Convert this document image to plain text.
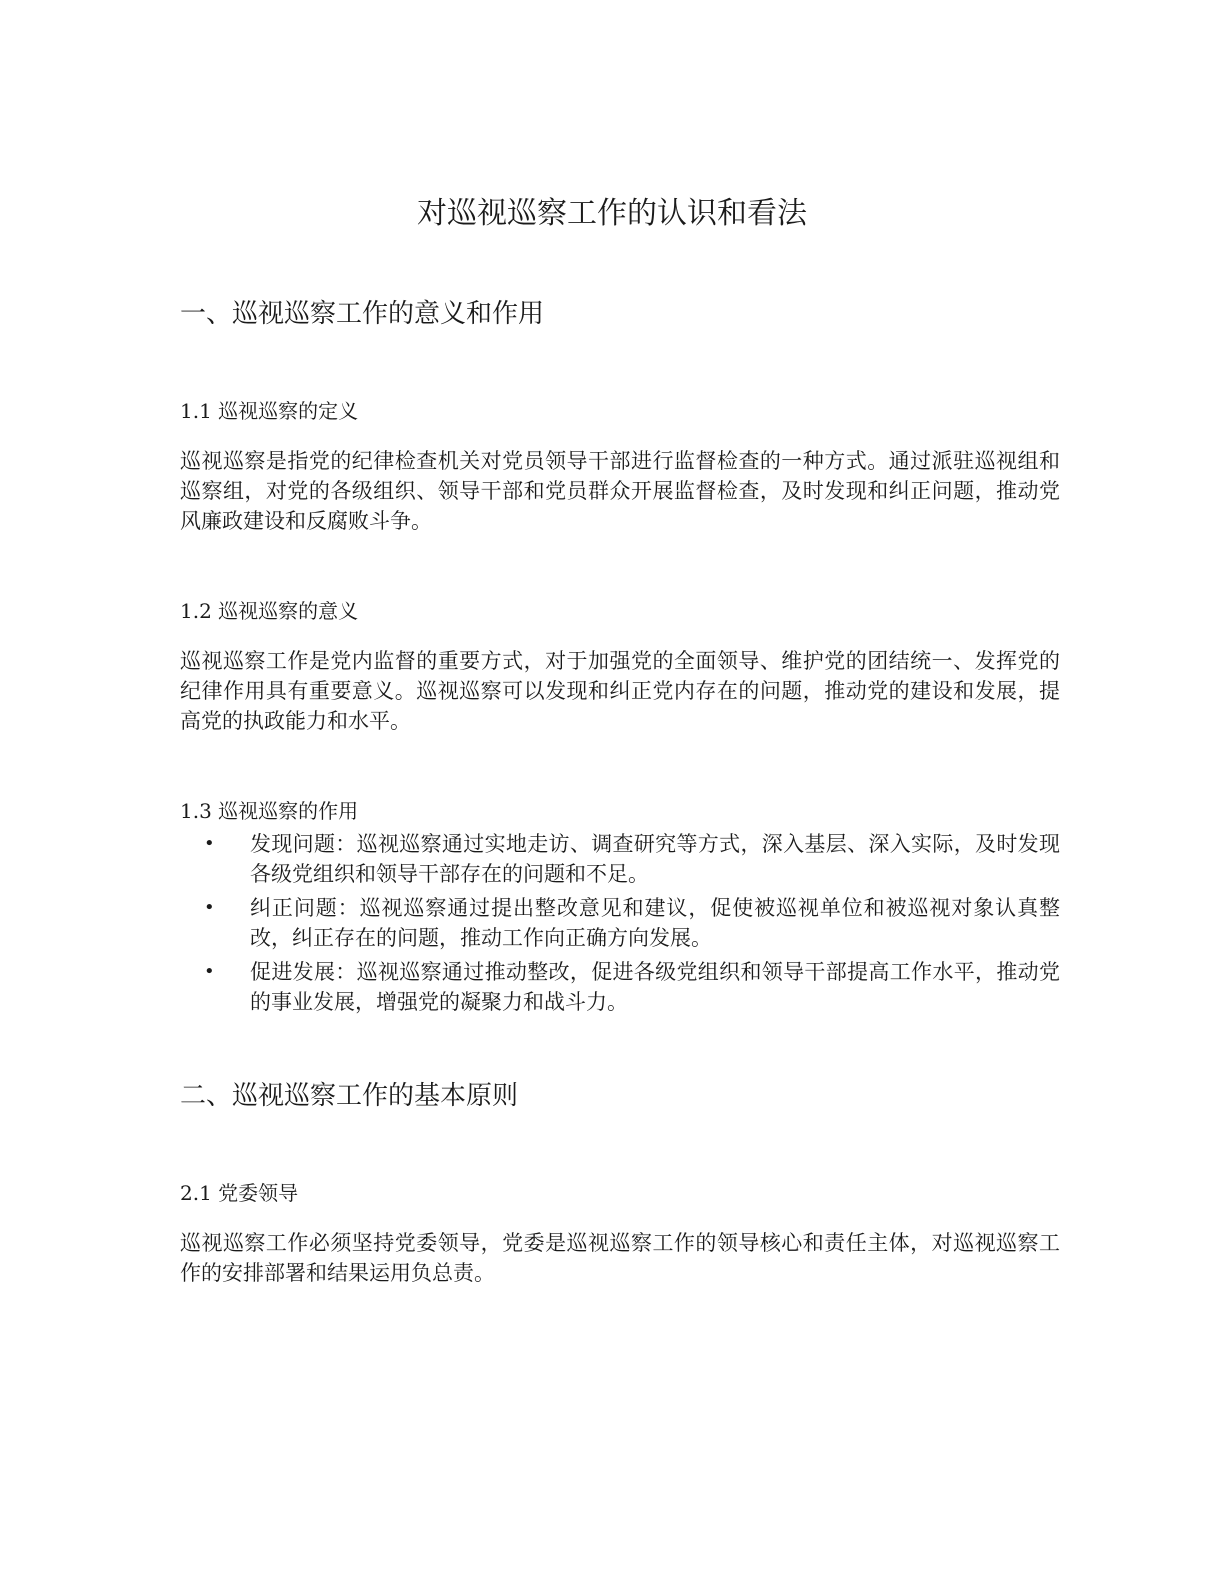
对巡视巡察工作的认识和看法
一、巡视巡察工作的意义和作用
1.1 巡视巡察的定义

巡视巡察是指党的纪律检查机关对党员领导干部进行监督检查的一种方式。通过派驻巡视组和巡察组，对党的各级组织、领导干部和党员群众开展监督检查，及时发现和纠正问题，推动党风廉政建设和反腐败斗争。

1.2 巡视巡察的意义

巡视巡察工作是党内监督的重要方式，对于加强党的全面领导、维护党的团结统一、发挥党的纪律作用具有重要意义。巡视巡察可以发现和纠正党内存在的问题，推动党的建设和发展，提高党的执政能力和水平。

1.3 巡视巡察的作用
• 发现问题：巡视巡察通过实地走访、调查研究等方式，深入基层、深入实际，及时发现各级党组织和领导干部存在的问题和不足。
• 纠正问题：巡视巡察通过提出整改意见和建议，促使被巡视单位和被巡视对象认真整改，纠正存在的问题，推动工作向正确方向发展。
• 促进发展：巡视巡察通过推动整改，促进各级党组织和领导干部提高工作水平，推动党的事业发展，增强党的凝聚力和战斗力。
二、巡视巡察工作的基本原则
2.1 党委领导

巡视巡察工作必须坚持党委领导，党委是巡视巡察工作的领导核心和责任主体，对巡视巡察工作的安排部署和结果运用负总责。
